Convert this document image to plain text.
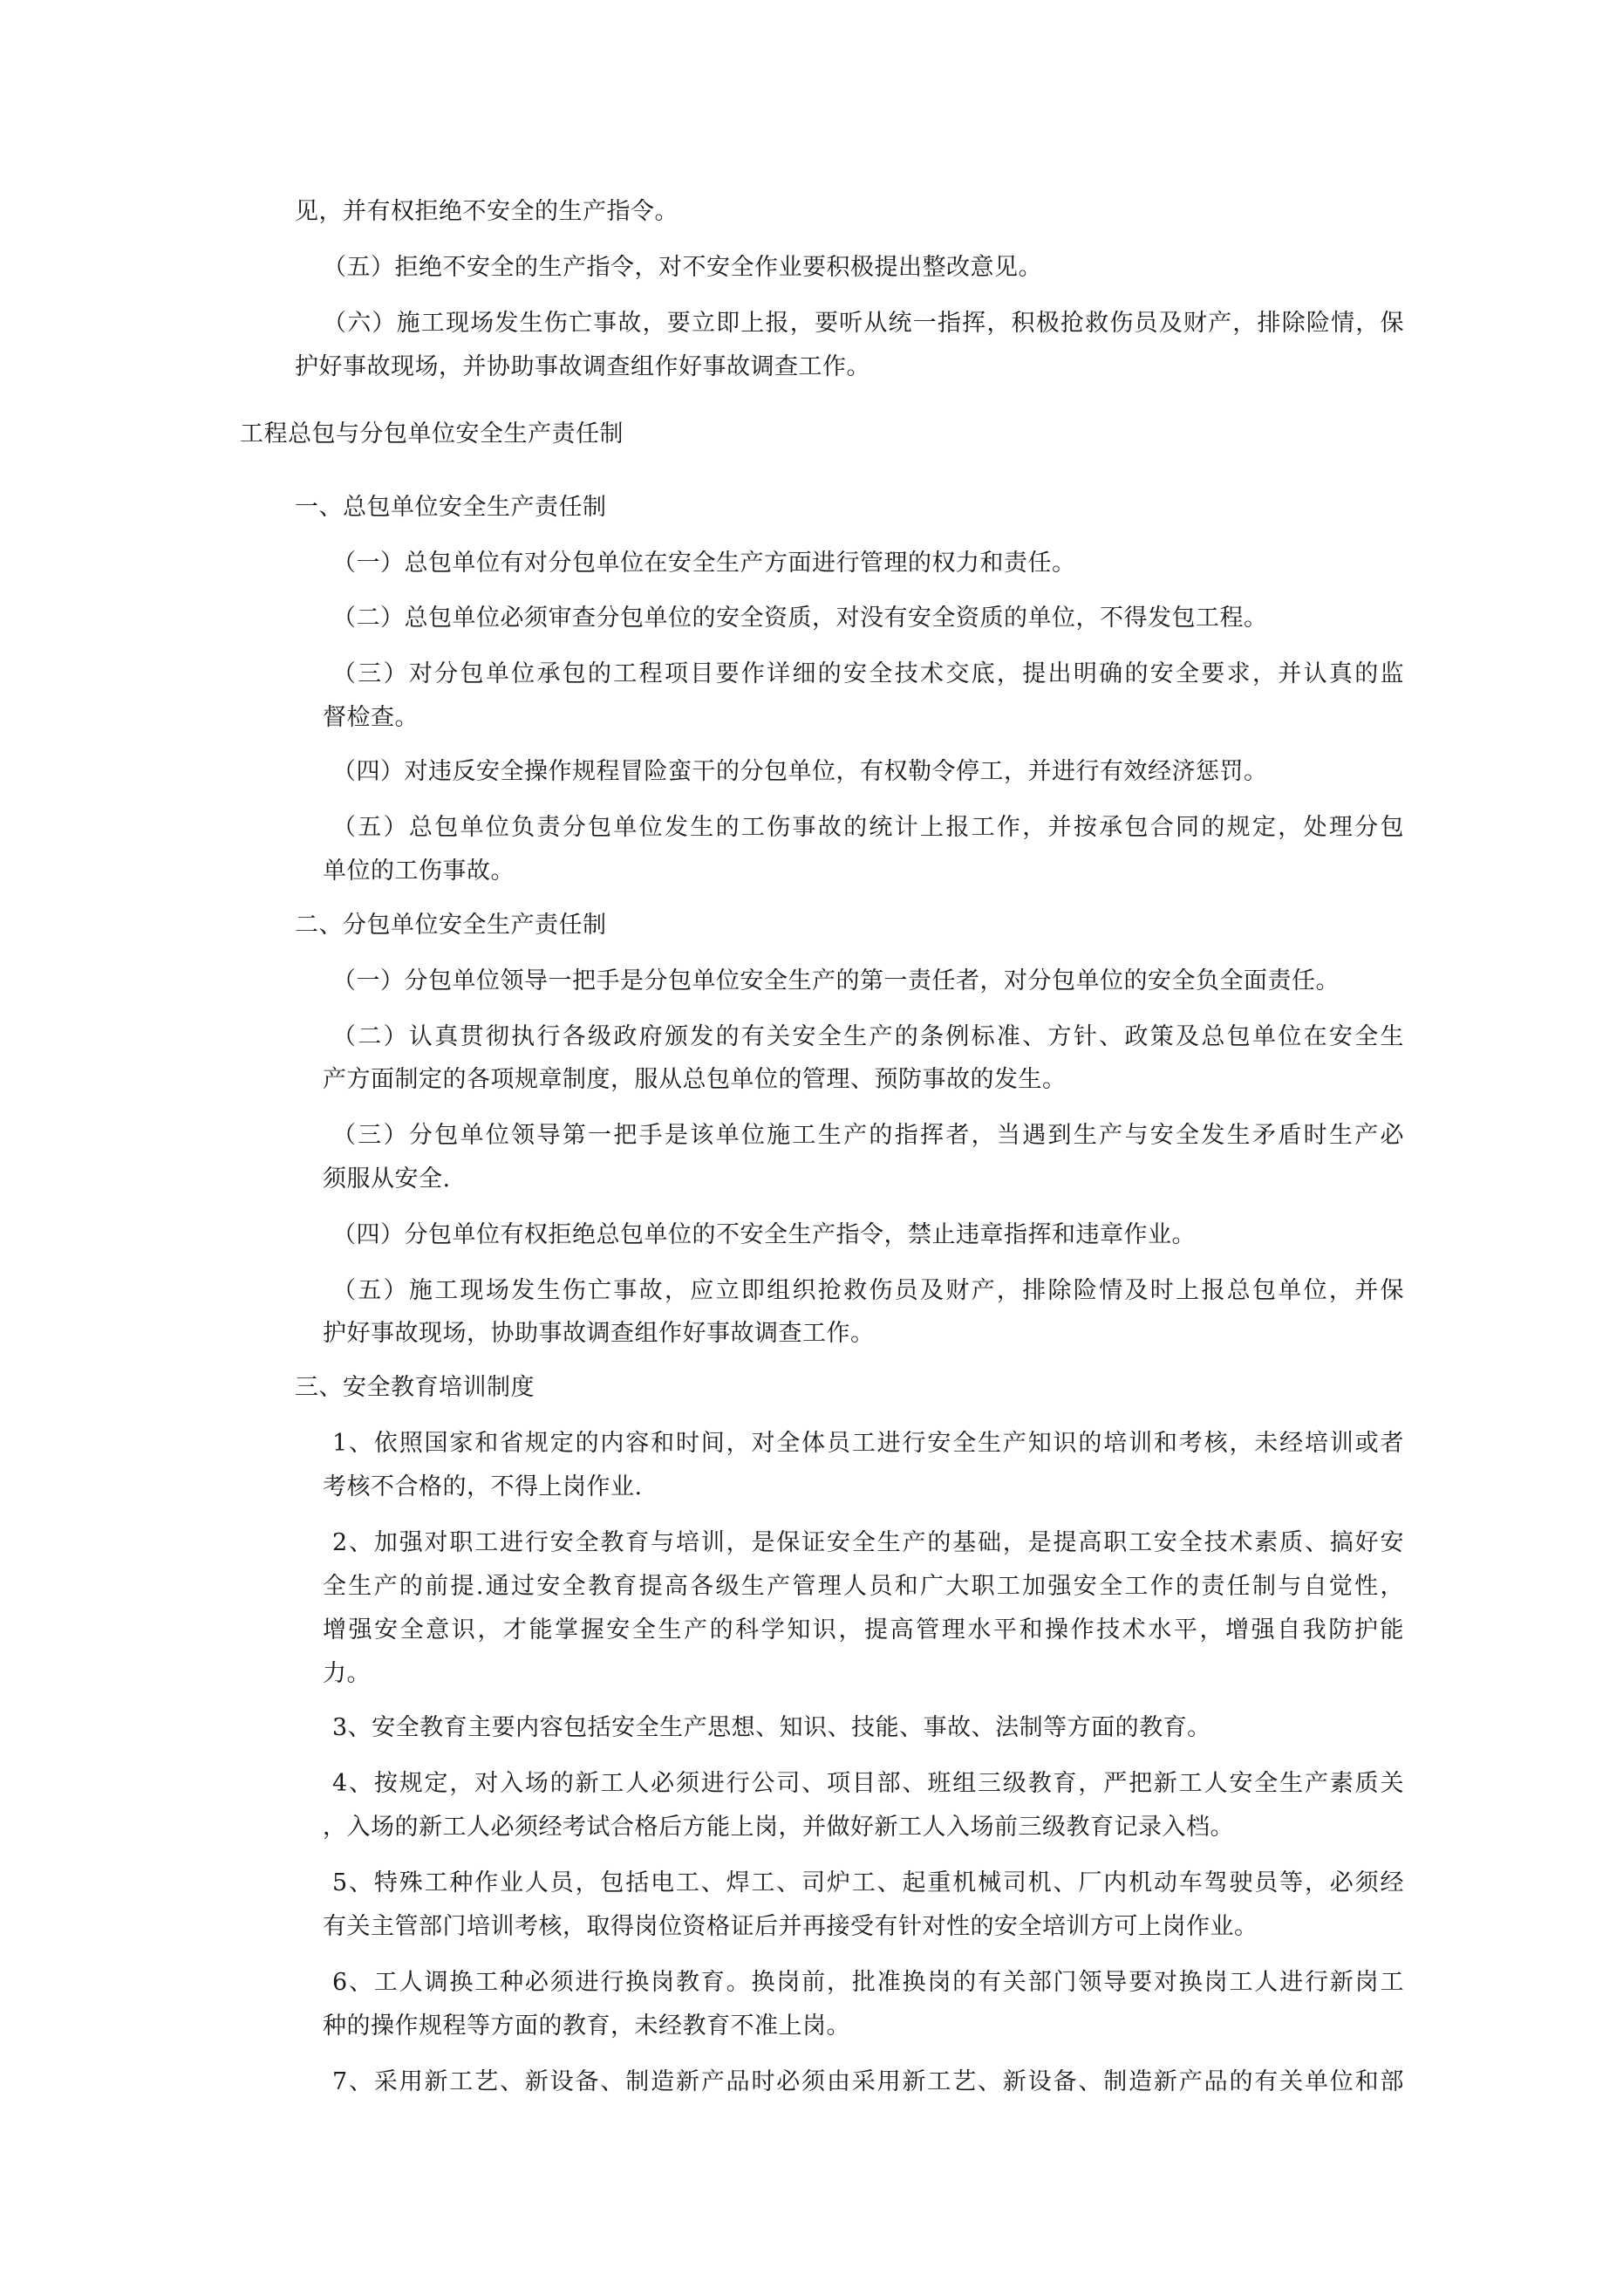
见，并有权拒绝不安全的生产指令。
（五）拒绝不安全的生产指令，对不安全作业要积极提出整改意见。
（六）施工现场发生伤亡事故，要立即上报，要听从统一指挥，积极抢救伤员及财产，排除险情，保
护好事故现场，并协助事故调查组作好事故调查工作。
工程总包与分包单位安全生产责任制
一、总包单位安全生产责任制
（一）总包单位有对分包单位在安全生产方面进行管理的权力和责任。
（二）总包单位必须审查分包单位的安全资质，对没有安全资质的单位，不得发包工程。
（三）对分包单位承包的工程项目要作详细的安全技术交底，提出明确的安全要求，并认真的监
督检查。
（四）对违反安全操作规程冒险蛮干的分包单位，有权勒令停工，并进行有效经济惩罚。
（五）总包单位负责分包单位发生的工伤事故的统计上报工作，并按承包合同的规定，处理分包
单位的工伤事故。
二、分包单位安全生产责任制
（一）分包单位领导一把手是分包单位安全生产的第一责任者，对分包单位的安全负全面责任。
（二）认真贯彻执行各级政府颁发的有关安全生产的条例标准、方针、政策及总包单位在安全生
产方面制定的各项规章制度，服从总包单位的管理、预防事故的发生。
（三）分包单位领导第一把手是该单位施工生产的指挥者，当遇到生产与安全发生矛盾时生产必
须服从安全.
（四）分包单位有权拒绝总包单位的不安全生产指令，禁止违章指挥和违章作业。
（五）施工现场发生伤亡事故，应立即组织抢救伤员及财产，排除险情及时上报总包单位，并保
护好事故现场，协助事故调查组作好事故调查工作。
三、安全教育培训制度
1、依照国家和省规定的内容和时间，对全体员工进行安全生产知识的培训和考核，未经培训或者
考核不合格的，不得上岗作业.
2、加强对职工进行安全教育与培训，是保证安全生产的基础，是提高职工安全技术素质、搞好安
全生产的前提.通过安全教育提高各级生产管理人员和广大职工加强安全工作的责任制与自觉性，
增强安全意识，才能掌握安全生产的科学知识，提高管理水平和操作技术水平，增强自我防护能
力。
3、安全教育主要内容包括安全生产思想、知识、技能、事故、法制等方面的教育。
4、按规定，对入场的新工人必须进行公司、项目部、班组三级教育，严把新工人安全生产素质关
，入场的新工人必须经考试合格后方能上岗，并做好新工人入场前三级教育记录入档。
5、特殊工种作业人员，包括电工、焊工、司炉工、起重机械司机、厂内机动车驾驶员等，必须经
有关主管部门培训考核，取得岗位资格证后并再接受有针对性的安全培训方可上岗作业。
6、工人调换工种必须进行换岗教育。换岗前，批准换岗的有关部门领导要对换岗工人进行新岗工
种的操作规程等方面的教育，未经教育不准上岗。
7、采用新工艺、新设备、制造新产品时必须由采用新工艺、新设备、制造新产品的有关单位和部
